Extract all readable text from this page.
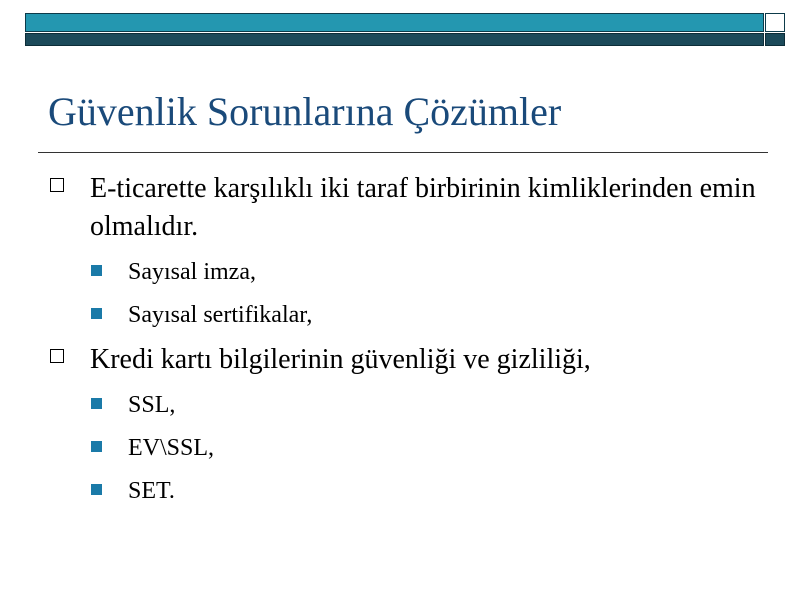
Güvenlik Sorunlarına Çözümler
E-ticarette karşılıklı iki taraf birbirinin kimliklerinden emin olmalıdır.
Sayısal imza,
Sayısal sertifikalar,
Kredi kartı bilgilerinin güvenliği ve gizliliği,
SSL,
EV\SSL,
SET.
